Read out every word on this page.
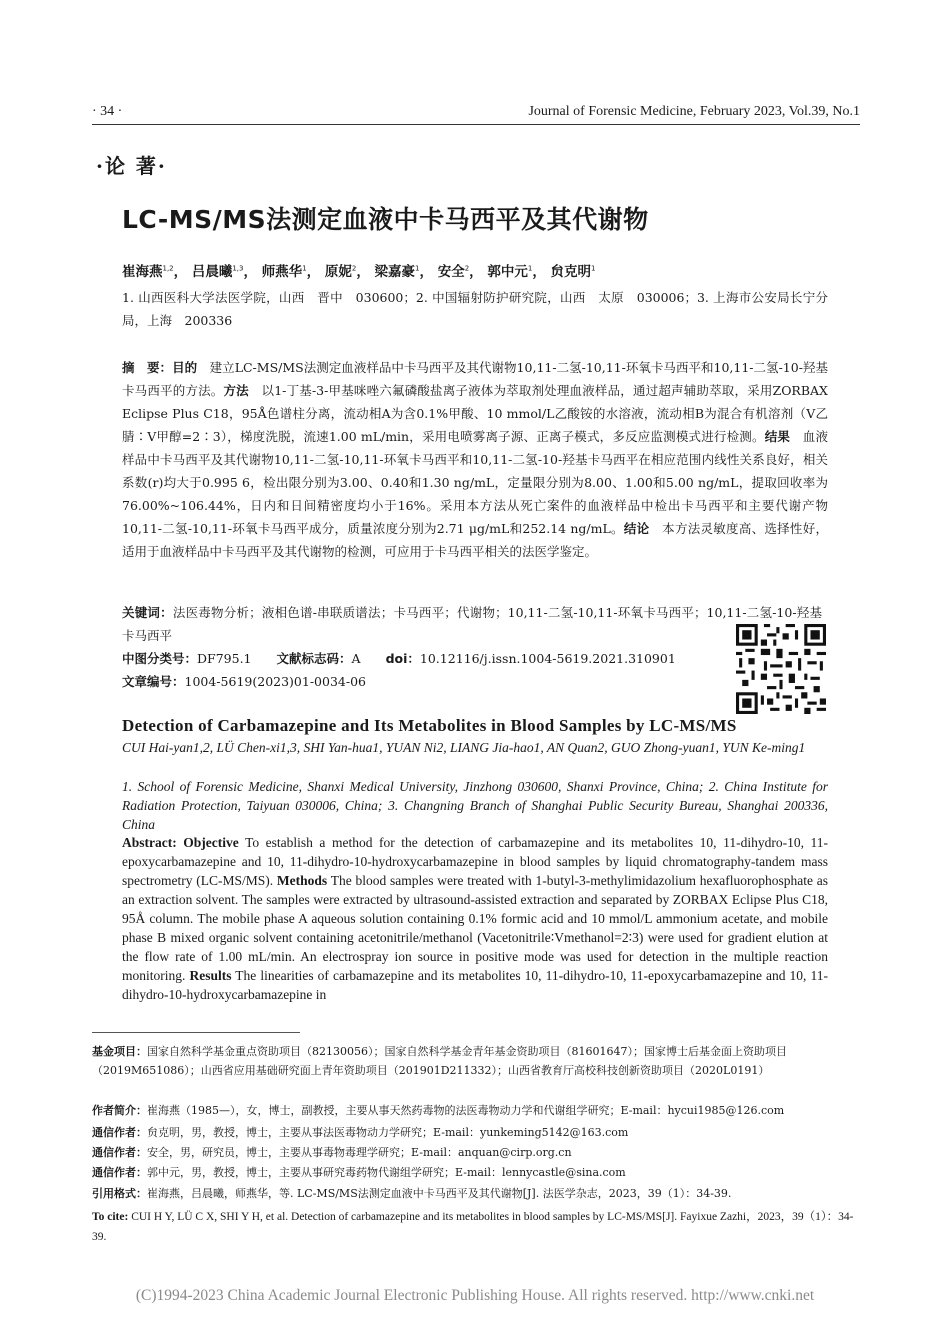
· 34 ·	Journal of Forensic Medicine, February 2023, Vol.39, No.1
·论 著·
LC-MS/MS法测定血液中卡马西平及其代谢物
崔海燕$^{1,2}$， 吕晨曦$^{1,3}$， 师燕华$^1$， 原妮$^2$， 梁嘉豪$^1$， 安全$^2$， 郭中元$^1$， 贠克明$^1$
1. 山西医科大学法医学院，山西　晋中　030600；2. 中国辐射防护研究院，山西　太原　030006；3. 上海市公安局长宁分局，上海　200336
摘　要：目的　 建立LC-MS/MS法测定血液样品中卡马西平及其代谢物10,11-二氢-10,11-环氧卡马西平和10,11-二氢-10-羟基卡马西平的方法。方法　 以1-丁基-3-甲基咪唑六氟磷酸盐离子液体为萃取剂处理血液样品，通过超声辅助萃取，采用ZORBAX Eclipse Plus C18，95Å色谱柱分离，流动相A为含0.1%甲酸、10 mmol/L乙酸铵的水溶液，流动相B为混合有机溶剂（V乙腈∶V甲醇=2∶3），梯度洗脱，流速1.00 mL/min，采用电喷雾离子源、正离子模式，多反应监测模式进行检测。结果　 血液样品中卡马西平及其代谢物10,11-二氢-10,11-环氧卡马西平和10,11-二氢-10-羟基卡马西平在相应范围内线性关系良好，相关系数(r)均大于0.995 6，检出限分别为3.00、0.40和1.30 ng/mL，定量限分别为8.00、1.00和5.00 ng/mL，提取回收率为76.00%~106.44%，日内和日间精密度均小于16%。采用本方法从死亡案件的血液样品中检出卡马西平和主要代谢产物10,11-二氢-10,11-环氧卡马西平成分，质量浓度分别为2.71 μg/mL和252.14 ng/mL。结论　 本方法灵敏度高、选择性好，适用于血液样品中卡马西平及其代谢物的检测，可应用于卡马西平相关的法医学鉴定。
关键词：法医毒物分析；液相色谱-串联质谱法；卡马西平；代谢物；10,11-二氢-10,11-环氧卡马西平；10,11-二氢-10-羟基卡马西平
中图分类号：DF795.1　　 文献标志码：A　　 doi：10.12116/j.issn.1004-5619.2021.310901
文章编号：1004-5619(2023)01-0034-06
Detection of Carbamazepine and Its Metabolites in Blood Samples by LC-MS/MS
CUI Hai-yan1,2, LÜ Chen-xi1,3, SHI Yan-hua1, YUAN Ni2, LIANG Jia-hao1, AN Quan2, GUO Zhong-yuan1, YUN Ke-ming1
1. School of Forensic Medicine, Shanxi Medical University, Jinzhong 030600, Shanxi Province, China; 2. China Institute for Radiation Protection, Taiyuan 030006, China; 3. Changning Branch of Shanghai Public Security Bureau, Shanghai 200336, China
Abstract: Objective To establish a method for the detection of carbamazepine and its metabolites 10, 11-dihydro-10, 11-epoxycarbamazepine and 10, 11-dihydro-10-hydroxycarbamazepine in blood samples by liquid chromatography-tandem mass spectrometry (LC-MS/MS). Methods The blood samples were treated with 1-butyl-3-methylimidazolium hexafluorophosphate as an extraction solvent. The samples were extracted by ultrasound-assisted extraction and separated by ZORBAX Eclipse Plus C18, 95Å column. The mobile phase A aqueous solution containing 0.1% formic acid and 10 mmol/L ammonium acetate, and mobile phase B mixed organic solvent containing acetonitrile/methanol (Vacetonitrile∶Vmethanol=2∶3) were used for gradient elution at the flow rate of 1.00 mL/min. An electrospray ion source in positive mode was used for detection in the multiple reaction monitoring. Results The linearities of carbamazepine and its metabolites 10, 11-dihydro-10, 11-epoxycarbamazepine and 10, 11-dihydro-10-hydroxycarbamazepine in
基金项目：国家自然科学基金重点资助项目（82130056）；国家自然科学基金青年基金资助项目（81601647）；国家博士后基金面上资助项目（2019M651086）；山西省应用基础研究面上青年资助项目（201901D211332）；山西省教育厅高校科技创新资助项目（2020L0191）
作者简介：崔海燕（1985—），女，博士，副教授，主要从事天然药毒物的法医毒物动力学和代谢组学研究；E-mail：hycui1985@126.com
通信作者：贠克明，男，教授，博士，主要从事法医毒物动力学研究；E-mail：yunkeming5142@163.com
通信作者：安全，男，研究员，博士，主要从事毒物毒理学研究；E-mail：anquan@cirp.org.cn
通信作者：郭中元，男，教授，博士，主要从事研究毒药物代谢组学研究；E-mail：lennycastle@sina.com
引用格式：崔海燕，吕晨曦，师燕华，等. LC-MS/MS法测定血液中卡马西平及其代谢物[J]. 法医学杂志，2023，39（1）：34-39.
To cite: CUI H Y, LÜ C X, SHI Y H, et al. Detection of carbamazepine and its metabolites in blood samples by LC-MS/MS[J]. Fayixue Zazhi，2023，39（1）：34-39.
(C)1994-2023 China Academic Journal Electronic Publishing House. All rights reserved. http://www.cnki.net
